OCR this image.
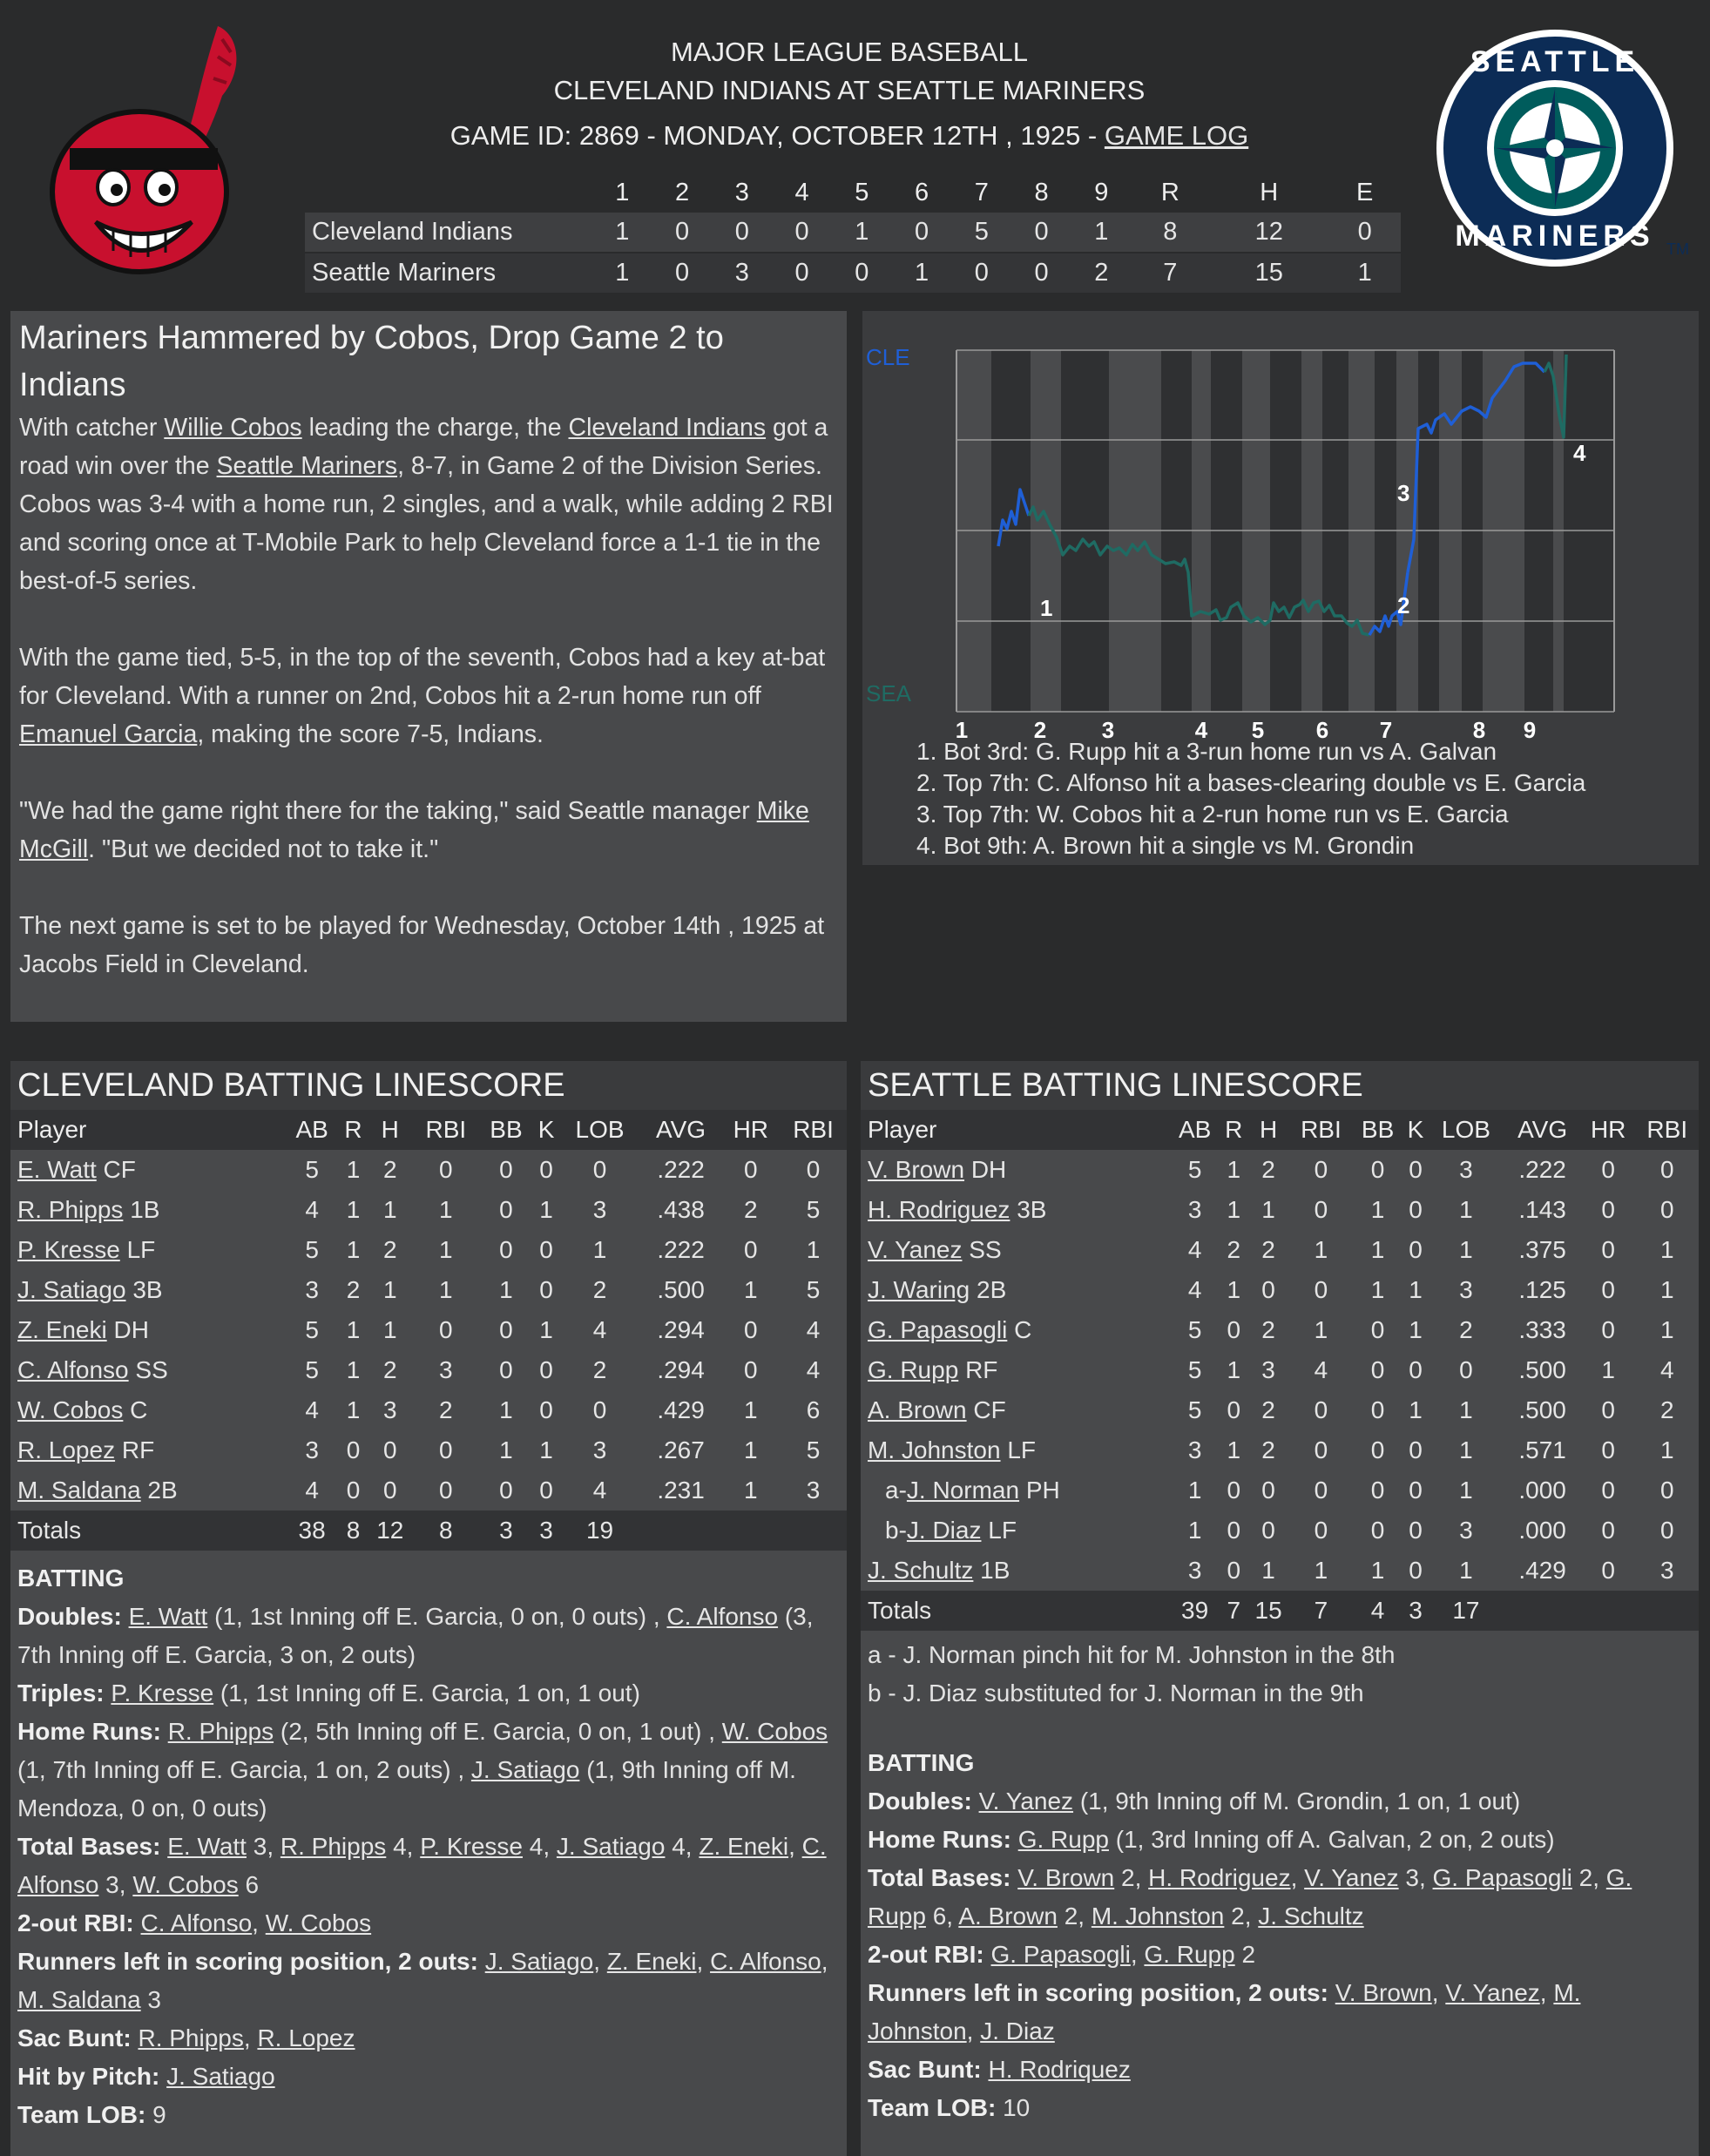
MAJOR LEAGUE BASEBALL
CLEVELAND INDIANS AT SEATTLE MARINERS
GAME ID: 2869 - MONDAY, OCTOBER 12TH , 1925 - GAME LOG
	1	2	3	4	5	6	7	8	9	R	H	E
Cleveland Indians	1	0	0	0	1	0	5	0	1	8	12	0
Seattle Mariners	1	0	3	0	0	1	0	0	2	7	15	1
SEATTLE
MARINERS TM
Mariners Hammered by Cobos, Drop Game 2 to Indians

With catcher Willie Cobos leading the charge, the Cleveland Indians got a road win over the Seattle Mariners, 8-7, in Game 2 of the Division Series. Cobos was 3-4 with a home run, 2 singles, and a walk, while adding 2 RBI and scoring once at T-Mobile Park to help Cleveland force a 1-1 tie in the best-of-5 series.

With the game tied, 5-5, in the top of the seventh, Cobos had a key at-bat for Cleveland. With a runner on 2nd, Cobos hit a 2-run home run off Emanuel Garcia, making the score 7-5, Indians.

"We had the game right there for the taking," said Seattle manager Mike McGill. "But we decided not to take it."

The next game is set to be played for Wednesday, October 14th , 1925 at Jacobs Field in Cleveland.

CLE
SEA
1	2
3
4
1	2 3	4 5 6 7	8 9
1. Bot 3rd: G. Rupp hit a 3-run home run vs A. Galvan
2. Top 7th: C. Alfonso hit a bases-clearing double vs E. Garcia
3. Top 7th: W. Cobos hit a 2-run home run vs E. Garcia
4. Bot 9th: A. Brown hit a single vs M. Grondin
CLEVELAND BATTING LINESCORE
Player	AB	R	H	RBI	BB	K	LOB	AVG	HR	RBI
E. Watt CF	5	1	2	0	0	0	0	.222	0	0
R. Phipps 1B	4	1	1	1	0	1	3	.438	2	5
P. Kresse LF	5	1	2	1	0	0	1	.222	0	1
J. Satiago 3B	3	2	1	1	1	0	2	.500	1	5
Z. Eneki DH	5	1	1	0	0	1	4	.294	0	4
C. Alfonso SS	5	1	2	3	0	0	2	.294	0	4
W. Cobos C	4	1	3	2	1	0	0	.429	1	6
R. Lopez RF	3	0	0	0	1	1	3	.267	1	5
M. Saldana 2B	4	0	0	0	0	0	4	.231	1	3
Totals	38	8	12	8	3	3	19			
BATTING
Doubles: E. Watt (1, 1st Inning off E. Garcia, 0 on, 0 outs) , C. Alfonso (3, 7th Inning off E. Garcia, 3 on, 2 outs)
Triples: P. Kresse (1, 1st Inning off E. Garcia, 1 on, 1 out)
Home Runs: R. Phipps (2, 5th Inning off E. Garcia, 0 on, 1 out) , W. Cobos (1, 7th Inning off E. Garcia, 1 on, 2 outs) , J. Satiago (1, 9th Inning off M. Mendoza, 0 on, 0 outs)
Total Bases: E. Watt 3, R. Phipps 4, P. Kresse 4, J. Satiago 4, Z. Eneki, C. Alfonso 3, W. Cobos 6
2-out RBI: C. Alfonso, W. Cobos
Runners left in scoring position, 2 outs: J. Satiago, Z. Eneki, C. Alfonso, M. Saldana 3
Sac Bunt: R. Phipps, R. Lopez
Hit by Pitch: J. Satiago
Team LOB: 9
SEATTLE BATTING LINESCORE
Player	AB	R	H	RBI	BB	K	LOB	AVG	HR	RBI
V. Brown DH	5	1	2	0	0	0	3	.222	0	0
H. Rodriguez 3B	3	1	1	0	1	0	1	.143	0	0
V. Yanez SS	4	2	2	1	1	0	1	.375	0	1
J. Waring 2B	4	1	0	0	1	1	3	.125	0	1
G. Papasogli C	5	0	2	1	0	1	2	.333	0	1
G. Rupp RF	5	1	3	4	0	0	0	.500	1	4
A. Brown CF	5	0	2	0	0	1	1	.500	0	2
M. Johnston LF	3	1	2	0	0	0	1	.571	0	1
a-J. Norman PH	1	0	0	0	0	0	1	.000	0	0
b-J. Diaz LF	1	0	0	0	0	0	3	.000	0	0
J. Schultz 1B	3	0	1	1	1	0	1	.429	0	3
Totals	39	7	15	7	4	3	17			
a - J. Norman pinch hit for M. Johnston in the 8th
b - J. Diaz substituted for J. Norman in the 9th
BATTING
Doubles: V. Yanez (1, 9th Inning off M. Grondin, 1 on, 1 out)
Home Runs: G. Rupp (1, 3rd Inning off A. Galvan, 2 on, 2 outs)
Total Bases: V. Brown 2, H. Rodriguez, V. Yanez 3, G. Papasogli 2, G. Rupp 6, A. Brown 2, M. Johnston 2, J. Schultz
2-out RBI: G. Papasogli, G. Rupp 2
Runners left in scoring position, 2 outs: V. Brown, V. Yanez, M. Johnston, J. Diaz
Sac Bunt: H. Rodriquez
Team LOB: 10
